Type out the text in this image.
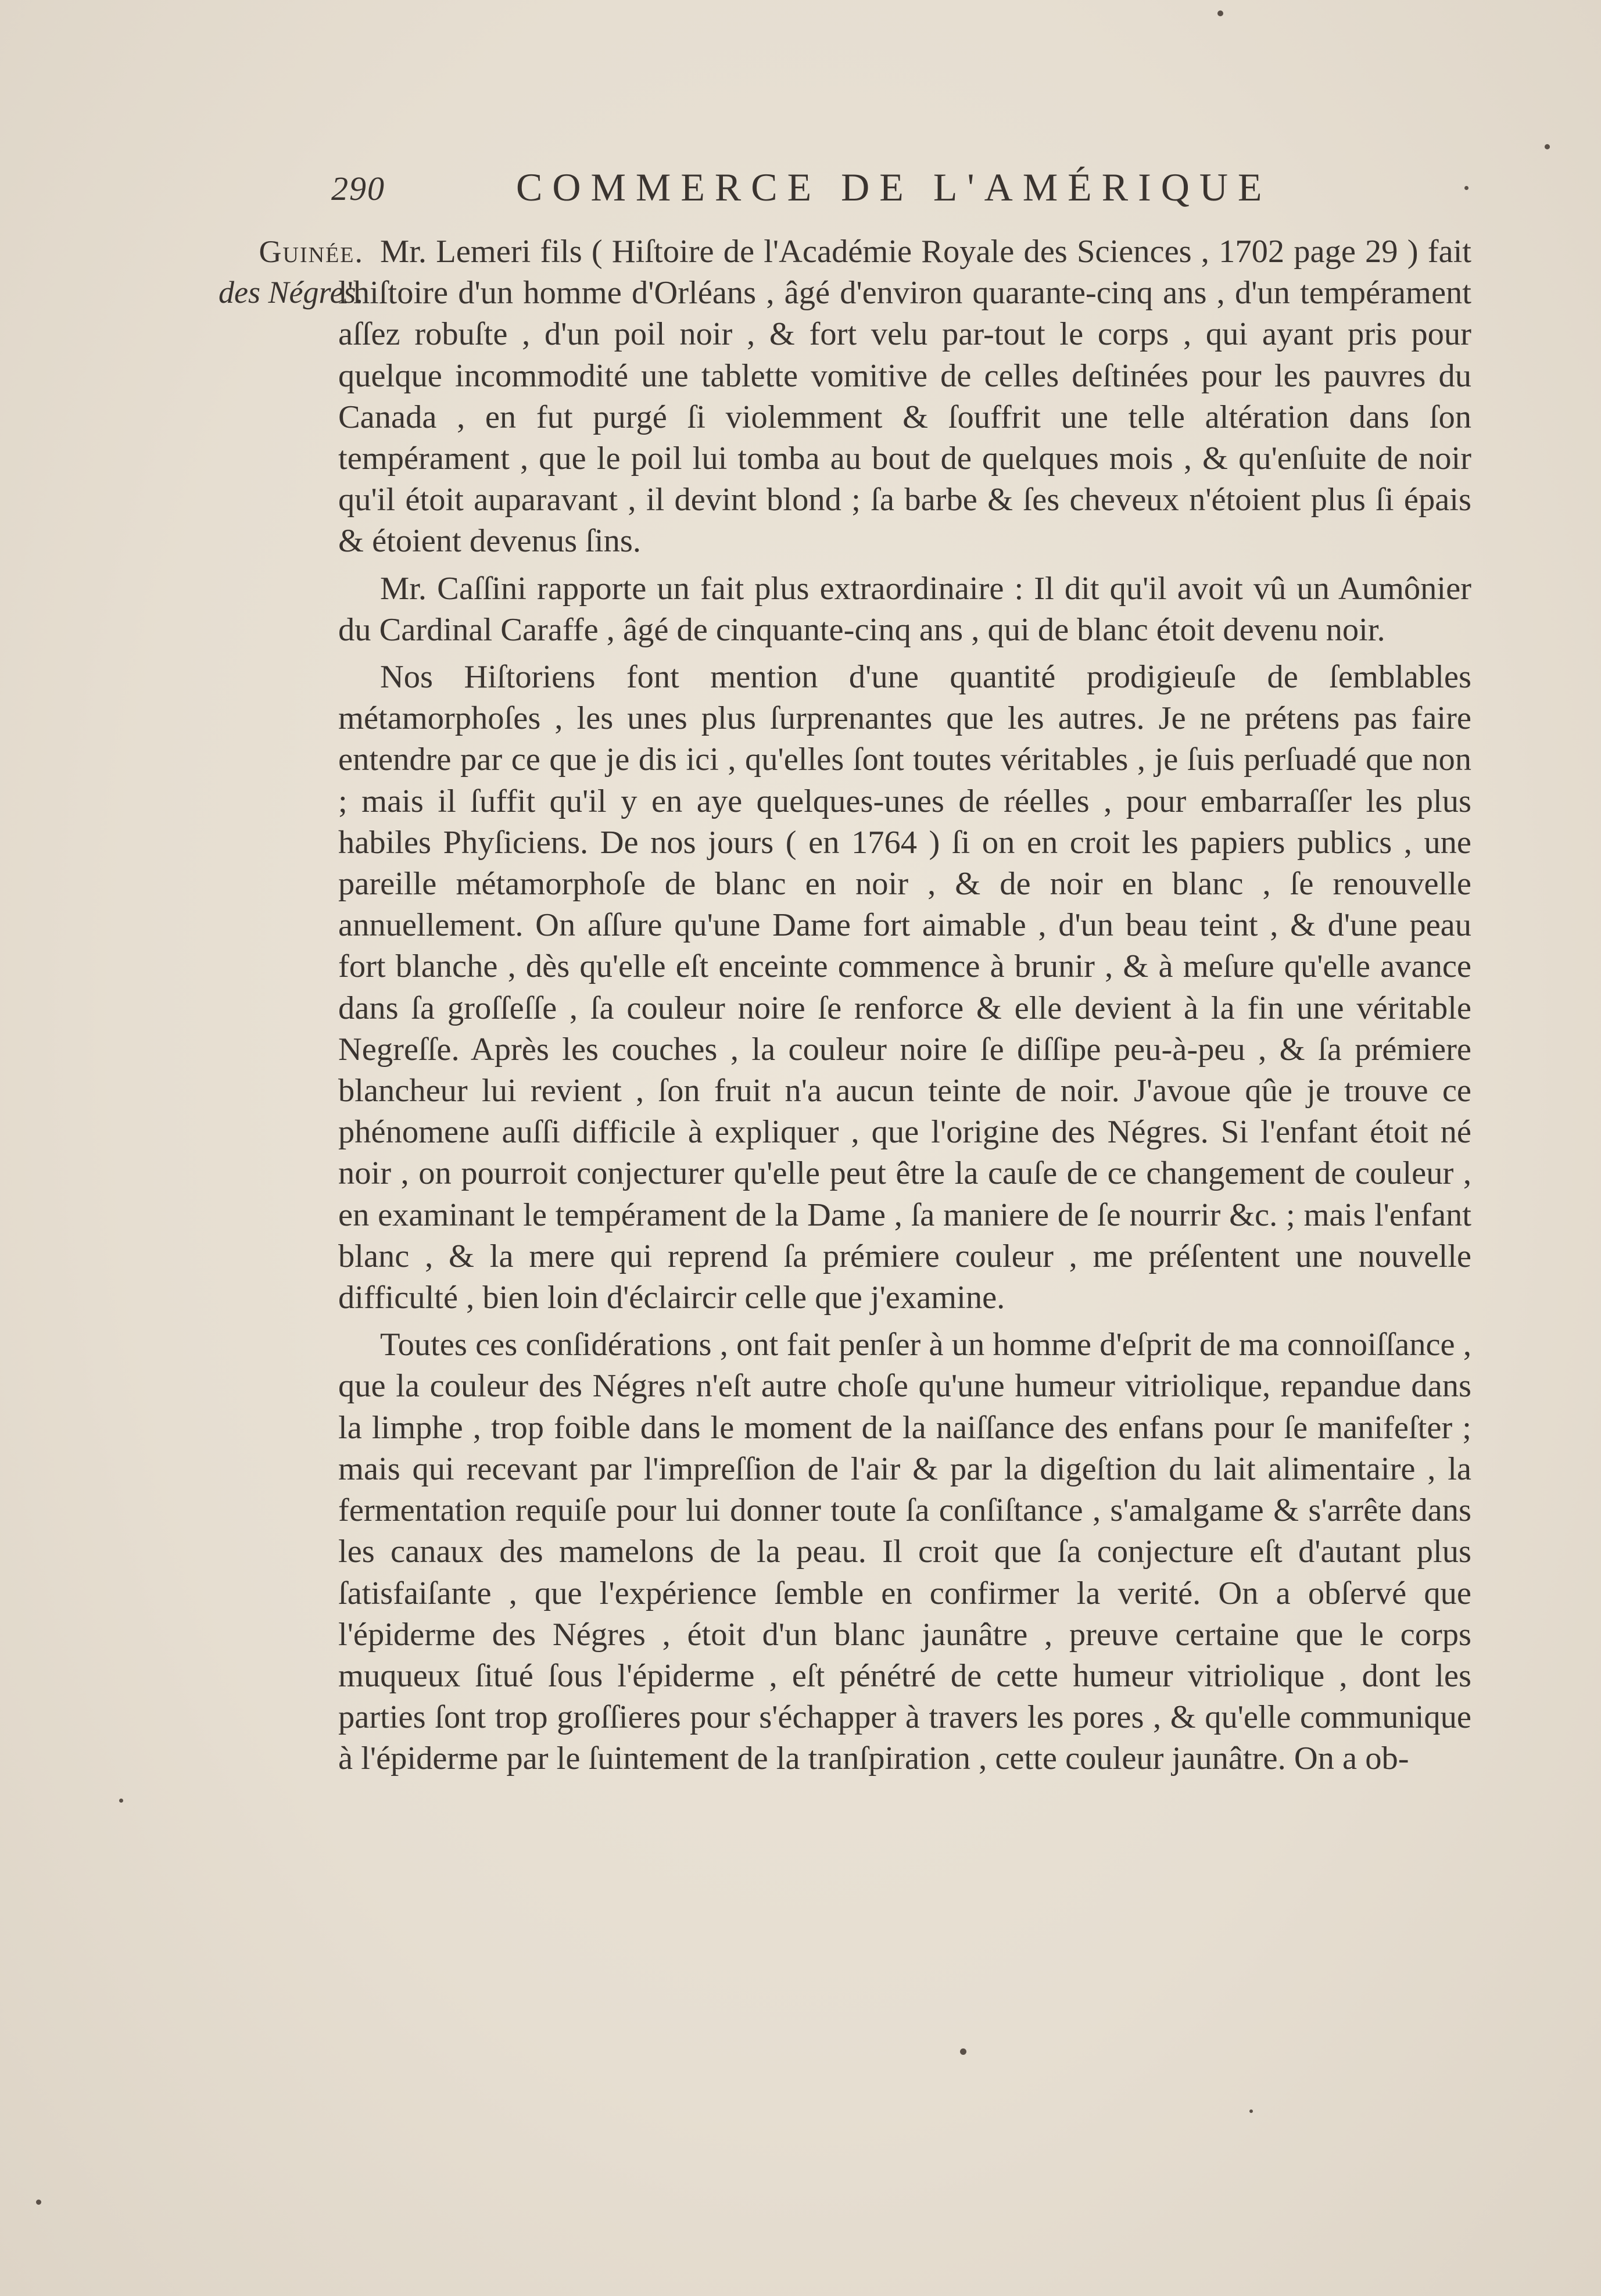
290	COMMERCE DE L'AMÉRIQUE
Guinée.
des Négres.

Mr. Lemeri fils ( Hiſtoire de l'Académie Royale des Sciences , 1702 page 29 ) fait l'hiſtoire d'un homme d'Orléans , âgé d'environ quarante-cinq ans , d'un tempérament aſſez robuſte , d'un poil noir , & fort velu par-tout le corps , qui ayant pris pour quelque incommodité une tablette vomitive de celles deſtinées pour les pauvres du Canada , en fut purgé ſi violemment & ſouffrit une telle altération dans ſon tempérament , que le poil lui tomba au bout de quelques mois , & qu'enſuite de noir qu'il étoit auparavant , il devint blond ; ſa barbe & ſes cheveux n'étoient plus ſi épais & étoient devenus ſins.

Mr. Caſſini rapporte un fait plus extraordinaire : Il dit qu'il avoit vû un Aumônier du Cardinal Caraffe , âgé de cinquante-cinq ans , qui de blanc étoit devenu noir.

Nos Hiſtoriens font mention d'une quantité prodigieuſe de ſemblables métamorphoſes , les unes plus ſurprenantes que les autres. Je ne prétens pas faire entendre par ce que je dis ici , qu'elles ſont toutes véritables , je ſuis perſuadé que non ; mais il ſuffit qu'il y en aye quelques-unes de réelles , pour embarraſſer les plus habiles Phyſiciens. De nos jours ( en 1764 ) ſi on en croit les papiers publics , une pareille métamorphoſe de blanc en noir , & de noir en blanc , ſe renouvelle annuellement. On aſſure qu'une Dame fort aimable , d'un beau teint , & d'une peau fort blanche , dès qu'elle eſt enceinte commence à brunir , & à meſure qu'elle avance dans ſa groſſeſſe , ſa couleur noire ſe renforce & elle devient à la fin une véritable Negreſſe. Après les couches , la couleur noire ſe diſſipe peu-à-peu , & ſa prémiere blancheur lui revient , ſon fruit n'a aucun teinte de noir. J'avoue qûe je trouve ce phénomene auſſi difficile à expliquer , que l'origine des Négres. Si l'enfant étoit né noir , on pourroit conjecturer qu'elle peut être la cauſe de ce changement de couleur , en examinant le tempérament de la Dame , ſa maniere de ſe nourrir &c. ; mais l'enfant blanc , & la mere qui reprend ſa prémiere couleur , me préſentent une nouvelle difficulté , bien loin d'éclaircir celle que j'examine.

Toutes ces conſidérations , ont fait penſer à un homme d'eſprit de ma connoiſſance , que la couleur des Négres n'eſt autre choſe qu'une humeur vitriolique, repandue dans la limphe , trop foible dans le moment de la naiſſance des enfans pour ſe manifeſter ; mais qui recevant par l'impreſſion de l'air & par la digeſtion du lait alimentaire , la fermentation requiſe pour lui donner toute ſa conſiſtance , s'amalgame & s'arrête dans les canaux des mamelons de la peau. Il croit que ſa conjecture eſt d'autant plus ſatisfaiſante , que l'expérience ſemble en confirmer la verité. On a obſervé que l'épiderme des Négres , étoit d'un blanc jaunâtre , preuve certaine que le corps muqueux ſitué ſous l'épiderme , eſt pénétré de cette humeur vitriolique , dont les parties ſont trop groſſieres pour s'échapper à travers les pores , & qu'elle communique à l'épiderme par le ſuintement de la tranſpiration , cette couleur jaunâtre. On a ob-
